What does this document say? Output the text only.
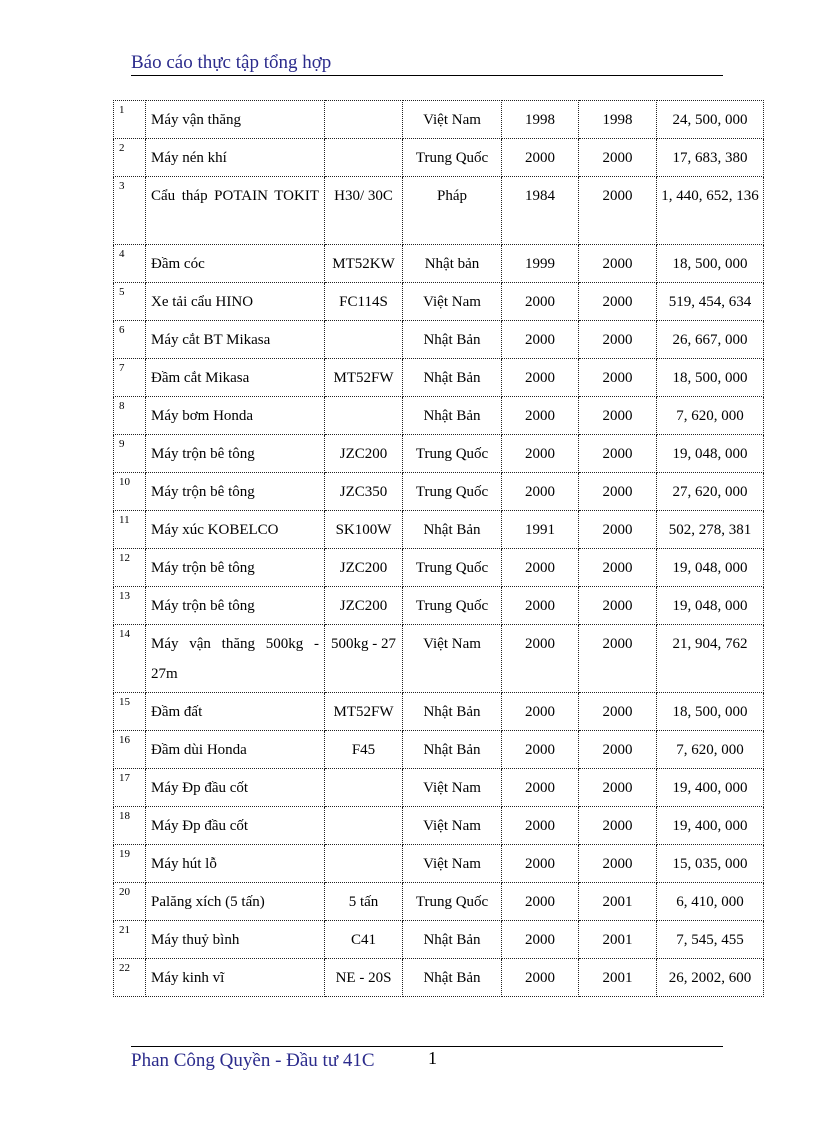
Báo cáo thực tập tổng hợp
1	Máy vận thăng		Việt Nam	1998	1998	24, 500, 000
2	Máy nén khí		Trung Quốc	2000	2000	17, 683, 380
3	Cẩu tháp POTAIN TOKIT	H30/ 30C	Pháp	1984	2000	1, 440, 652, 136
4	Đầm cóc	MT52KW	Nhật bản	1999	2000	18, 500, 000
5	Xe tải cẩu HINO	FC114S	Việt Nam	2000	2000	519, 454, 634
6	Máy cắt BT Mikasa		Nhật Bản	2000	2000	26, 667, 000
7	Đầm cắt Mikasa	MT52FW	Nhật Bản	2000	2000	18, 500, 000
8	Máy bơm Honda		Nhật Bản	2000	2000	7, 620, 000
9	Máy trộn bê tông	JZC200	Trung Quốc	2000	2000	19, 048, 000
10	Máy trộn bê tông	JZC350	Trung Quốc	2000	2000	27, 620, 000
11	Máy xúc KOBELCO	SK100W	Nhật Bản	1991	2000	502, 278, 381
12	Máy trộn bê tông	JZC200	Trung Quốc	2000	2000	19, 048, 000
13	Máy trộn bê tông	JZC200	Trung Quốc	2000	2000	19, 048, 000
14	Máy vận thăng 500kg - 27m	500kg - 27	Việt Nam	2000	2000	21, 904, 762
15	Đầm đất	MT52FW	Nhật Bản	2000	2000	18, 500, 000
16	Đầm dùi Honda	F45	Nhật Bản	2000	2000	7, 620, 000
17	Máy Đp đầu cốt		Việt Nam	2000	2000	19, 400, 000
18	Máy Đp đầu cốt		Việt Nam	2000	2000	19, 400, 000
19	Máy hút lỗ		Việt Nam	2000	2000	15, 035, 000
20	Palăng xích (5 tấn)	5 tấn	Trung Quốc	2000	2001	6, 410, 000
21	Máy thuỷ bình	C41	Nhật Bản	2000	2001	7, 545, 455
22	Máy kinh vĩ	NE - 20S	Nhật Bản	2000	2001	26, 2002, 600
Phan Công Quyền - Đầu tư 41C	1
